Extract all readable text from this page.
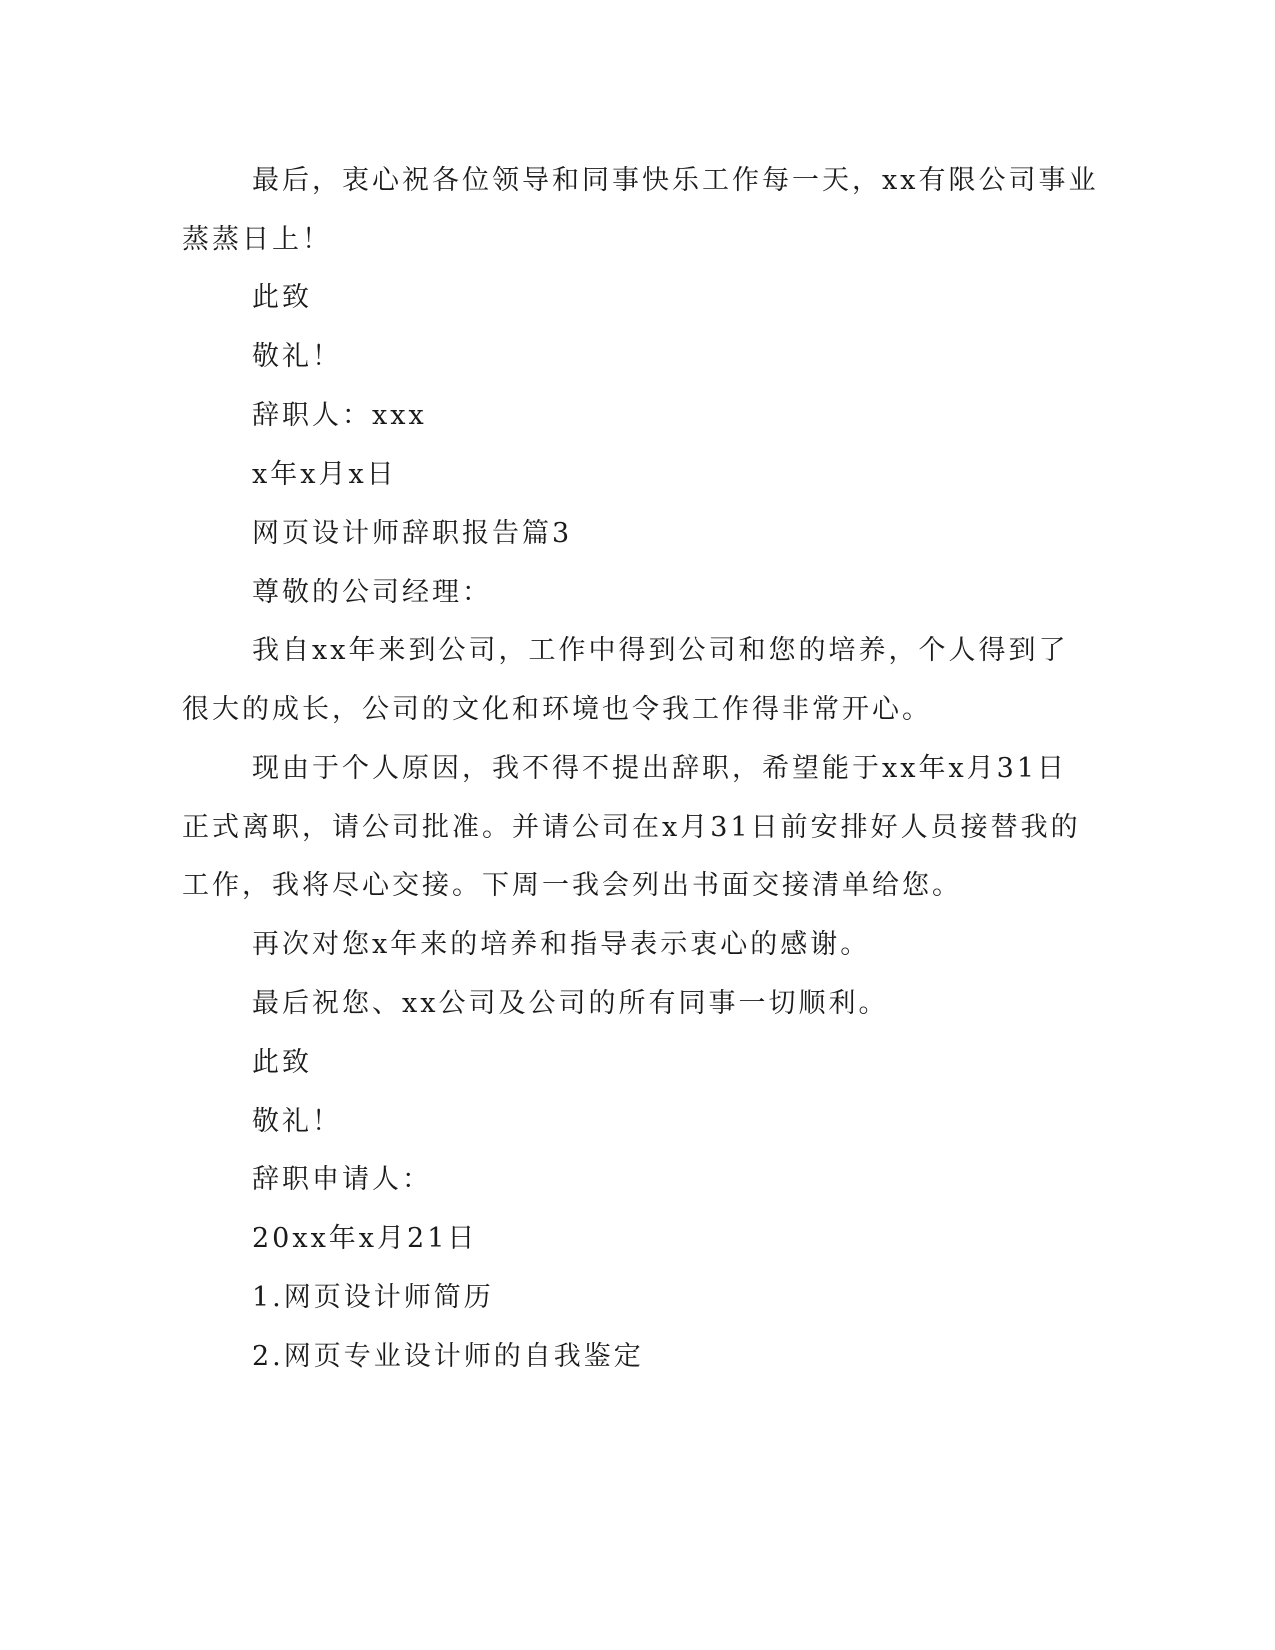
最后，衷心祝各位领导和同事快乐工作每一天，xx有限公司事业

蒸蒸日上！

此致

敬礼！

辞职人：xxx

x年x月x日

网页设计师辞职报告篇3

尊敬的公司经理：

我自xx年来到公司，工作中得到公司和您的培养，个人得到了

很大的成长，公司的文化和环境也令我工作得非常开心。

现由于个人原因，我不得不提出辞职，希望能于xx年x月31日

正式离职，请公司批准。并请公司在x月31日前安排好人员接替我的

工作，我将尽心交接。下周一我会列出书面交接清单给您。

再次对您x年来的培养和指导表示衷心的感谢。

最后祝您、xx公司及公司的所有同事一切顺利。

此致

敬礼！

辞职申请人：

20xx年x月21日

1.网页设计师简历

2.网页专业设计师的自我鉴定
